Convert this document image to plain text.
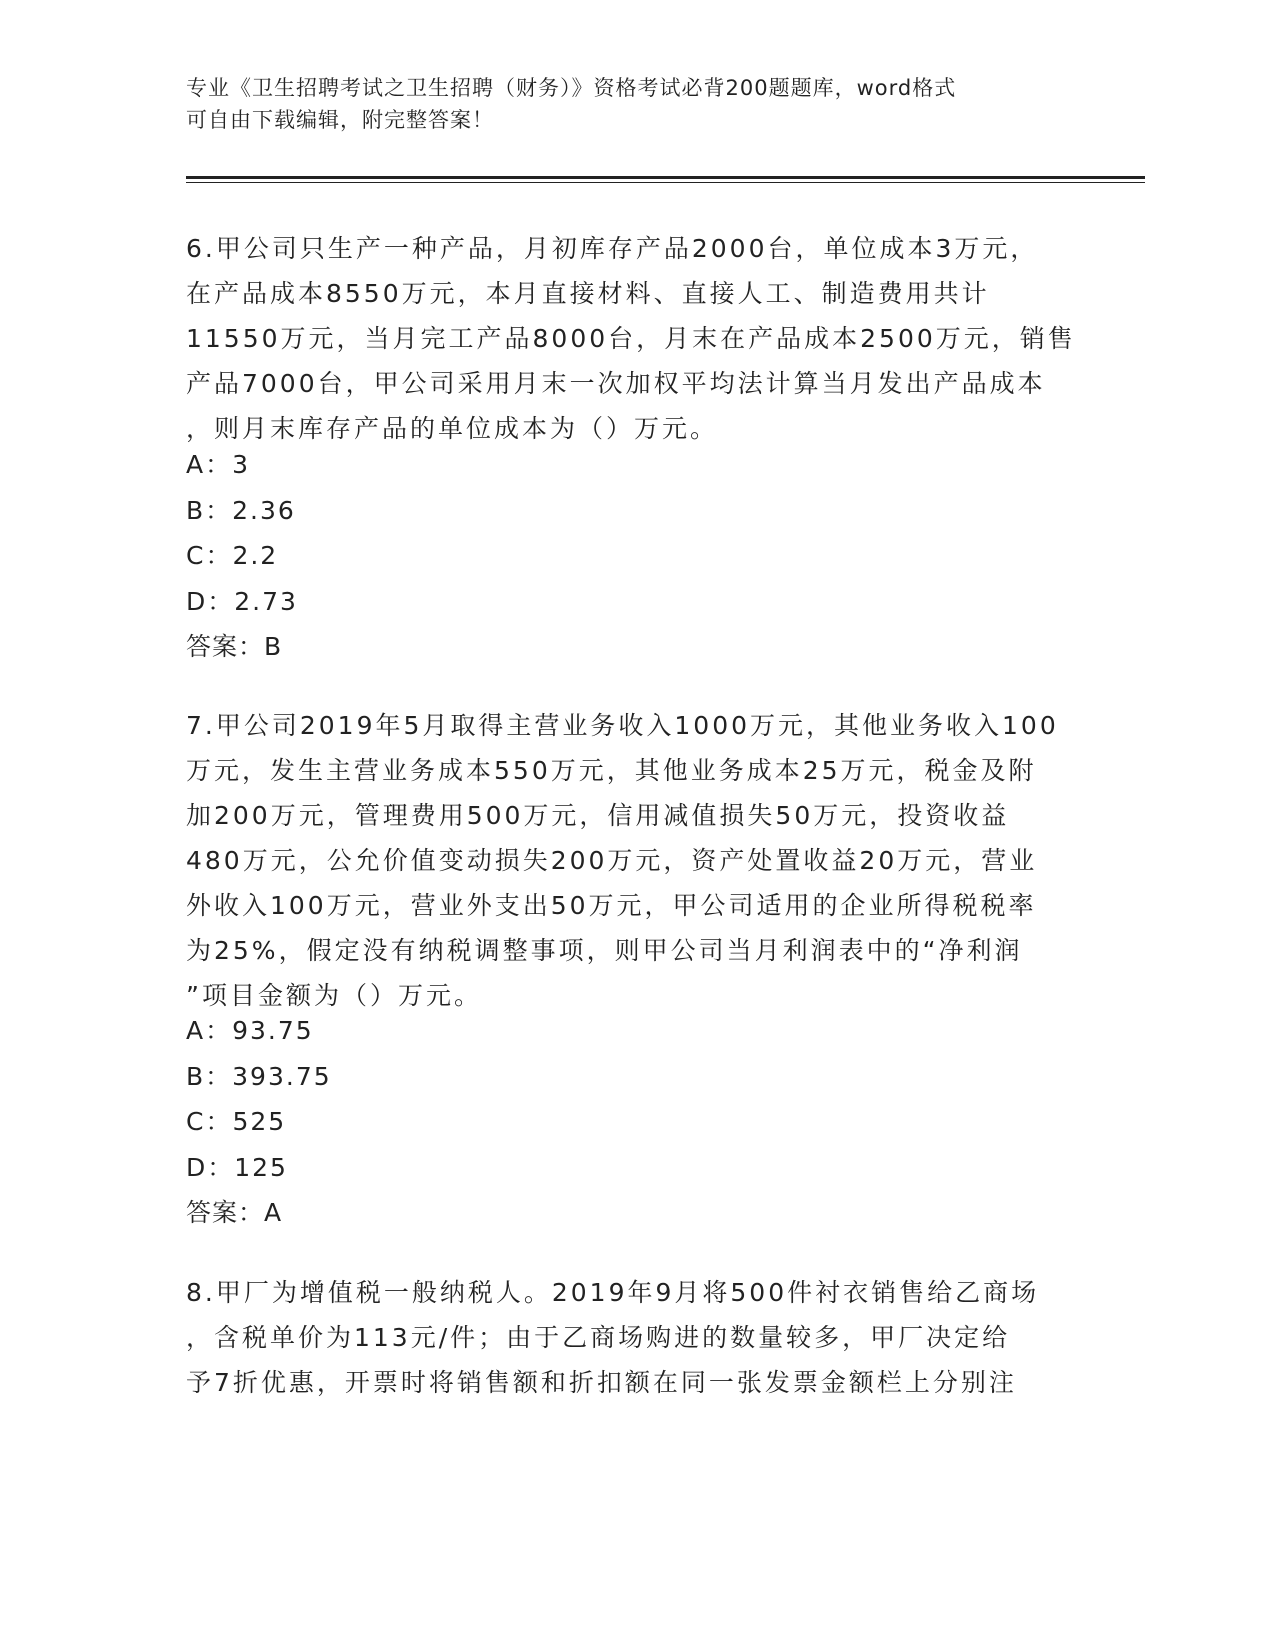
专业《卫生招聘考试之卫生招聘（财务）》资格考试必背200题题库，word格式
可自由下载编辑，附完整答案！
6.甲公司只生产一种产品，月初库存产品2000台，单位成本3万元，
在产品成本8550万元，本月直接材料、直接人工、制造费用共计
11550万元，当月完工产品8000台，月末在产品成本2500万元，销售
产品7000台，甲公司采用月末一次加权平均法计算当月发出产品成本
，则月末库存产品的单位成本为（）万元。
A：3
B：2.36
C：2.2
D：2.73
答案：B
7.甲公司2019年5月取得主营业务收入1000万元，其他业务收入100
万元，发生主营业务成本550万元，其他业务成本25万元，税金及附
加200万元，管理费用500万元，信用减值损失50万元，投资收益
480万元，公允价值变动损失200万元，资产处置收益20万元，营业
外收入100万元，营业外支出50万元，甲公司适用的企业所得税税率
为25%，假定没有纳税调整事项，则甲公司当月利润表中的“净利润
”项目金额为（）万元。
A：93.75
B：393.75
C：525
D：125
答案：A
8.甲厂为增值税一般纳税人。2019年9月将500件衬衣销售给乙商场
，含税单价为113元/件；由于乙商场购进的数量较多，甲厂决定给
予7折优惠，开票时将销售额和折扣额在同一张发票金额栏上分别注
